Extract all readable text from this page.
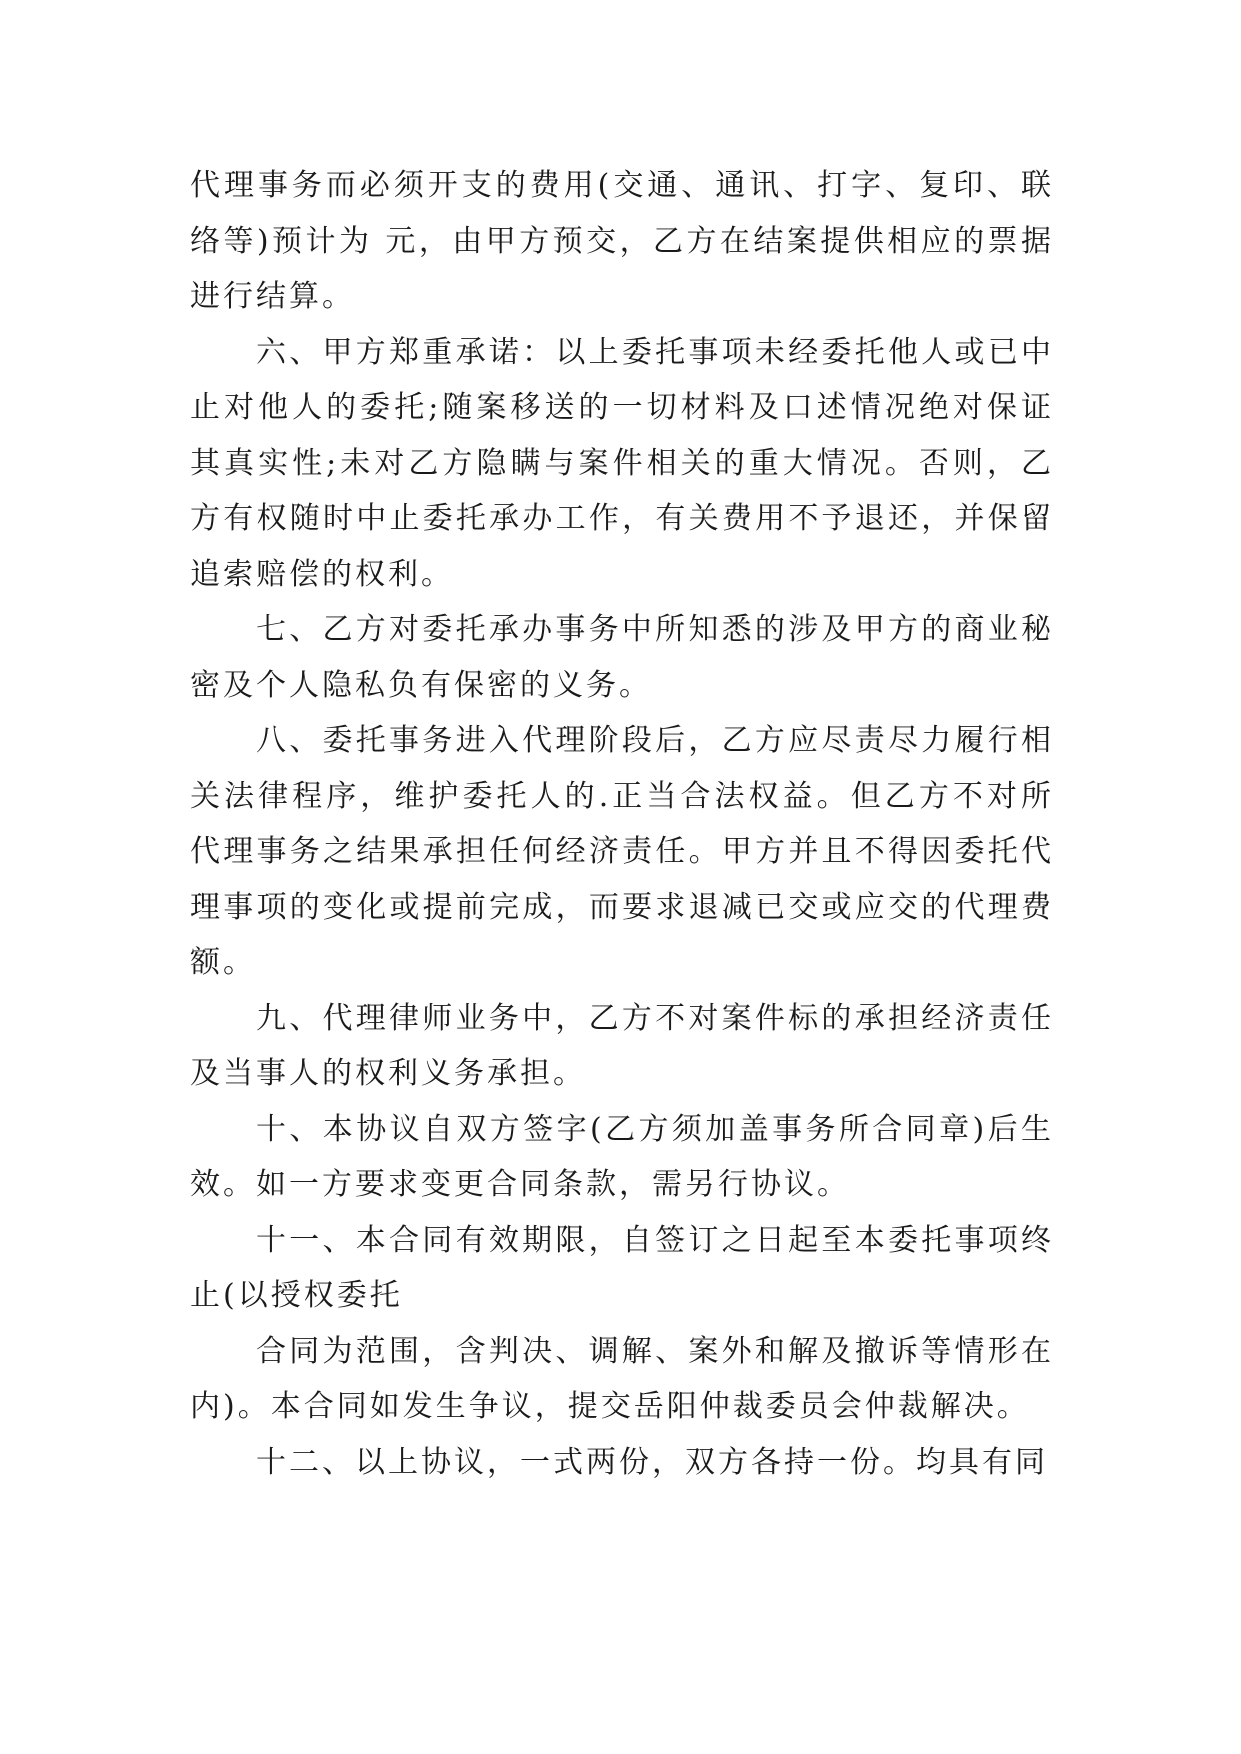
代理事务而必须开支的费用(交通、通讯、打字、复印、联络等)预计为 元，由甲方预交，乙方在结案提供相应的票据进行结算。

六、甲方郑重承诺：以上委托事项未经委托他人或已中止对他人的委托;随案移送的一切材料及口述情况绝对保证其真实性;未对乙方隐瞒与案件相关的重大情况。否则，乙方有权随时中止委托承办工作，有关费用不予退还，并保留追索赔偿的权利。

七、乙方对委托承办事务中所知悉的涉及甲方的商业秘密及个人隐私负有保密的义务。

八、委托事务进入代理阶段后，乙方应尽责尽力履行相关法律程序，维护委托人的.正当合法权益。但乙方不对所代理事务之结果承担任何经济责任。甲方并且不得因委托代理事项的变化或提前完成，而要求退减已交或应交的代理费额。

九、代理律师业务中，乙方不对案件标的承担经济责任及当事人的权利义务承担。

十、本协议自双方签字(乙方须加盖事务所合同章)后生效。如一方要求变更合同条款，需另行协议。

十一、本合同有效期限，自签订之日起至本委托事项终止(以授权委托

合同为范围，含判决、调解、案外和解及撤诉等情形在内)。本合同如发生争议，提交岳阳仲裁委员会仲裁解决。

十二、以上协议，一式两份，双方各持一份。均具有同
